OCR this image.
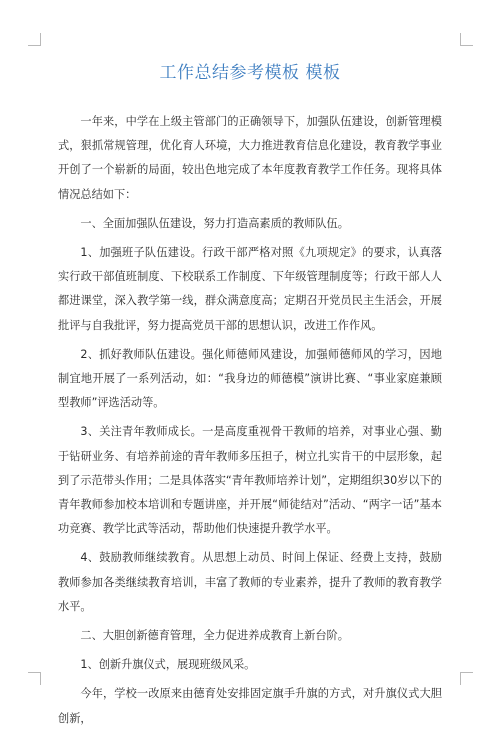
工作总结参考模板 模板

一年来，中学在上级主管部门的正确领导下，加强队伍建设，创新管理模式，狠抓常规管理，优化育人环境，大力推进教育信息化建设，教育教学事业开创了一个崭新的局面，较出色地完成了本年度教育教学工作任务。现将具体情况总结如下：

一、全面加强队伍建设，努力打造高素质的教师队伍。

1、加强班子队伍建设。行政干部严格对照《九项规定》的要求，认真落实行政干部值班制度、下校联系工作制度、下年级管理制度等；行政干部人人都进课堂，深入教学第一线，群众满意度高；定期召开党员民主生活会，开展批评与自我批评，努力提高党员干部的思想认识，改进工作作风。

2、抓好教师队伍建设。强化师德师风建设，加强师德师风的学习，因地制宜地开展了一系列活动，如：“我身边的师德模”演讲比赛、“事业家庭兼顾型教师”评选活动等。

3、关注青年教师成长。一是高度重视骨干教师的培养，对事业心强、勤于钻研业务、有培养前途的青年教师多压担子，树立扎实肯干的中层形象，起到了示范带头作用；二是具体落实“青年教师培养计划”，定期组织30岁以下的青年教师参加校本培训和专题讲座，并开展“师徒结对”活动、“两字一话”基本功竞赛、教学比武等活动，帮助他们快速提升教学水平。

4、鼓励教师继续教育。从思想上动员、时间上保证、经费上支持，鼓励教师参加各类继续教育培训，丰富了教师的专业素养，提升了教师的教育教学水平。

二、大胆创新德育管理，全力促进养成教育上新台阶。

1、创新升旗仪式，展现班级风采。

今年，学校一改原来由德育处安排固定旗手升旗的方式，对升旗仪式大胆创新，
